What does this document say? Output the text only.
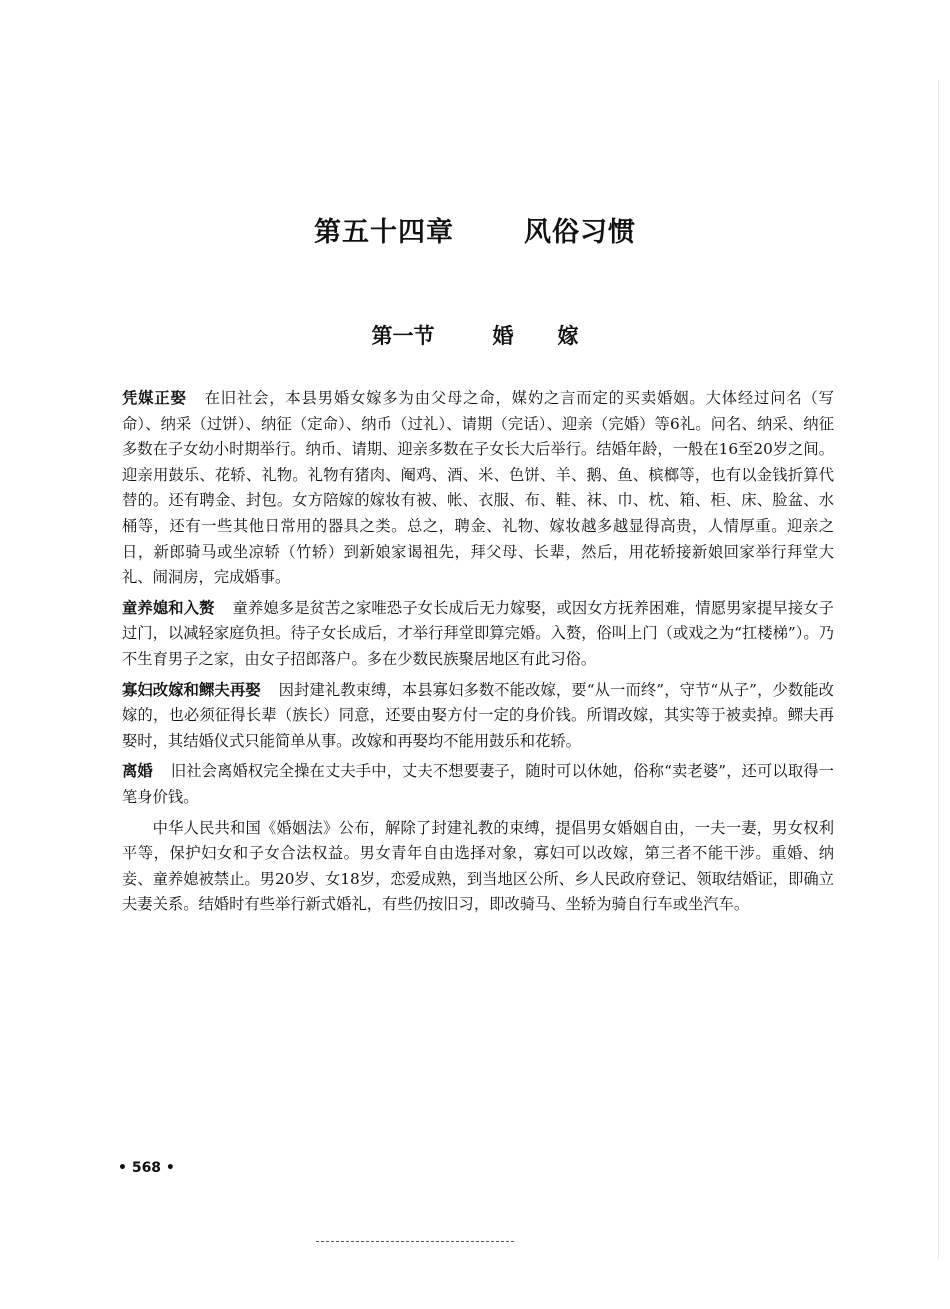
第五十四章	风俗习惯
第一节	婚 嫁

凭媒正娶 在旧社会，本县男婚女嫁多为由父母之命，媒妁之言而定的买卖婚姻。大体经过问名（写命）、纳采（过饼）、纳征（定命）、纳币（过礼）、请期（完话）、迎亲（完婚）等6礼。问名、纳采、纳征多数在子女幼小时期举行。纳币、请期、迎亲多数在子女长大后举行。结婚年龄，一般在16至20岁之间。迎亲用鼓乐、花轿、礼物。礼物有猪肉、阉鸡、酒、米、色饼、羊、鹅、鱼、槟榔等，也有以金钱折算代替的。还有聘金、封包。女方陪嫁的嫁妆有被、帐、衣服、布、鞋、袜、巾、枕、箱、柜、床、脸盆、水桶等，还有一些其他日常用的器具之类。总之，聘金、礼物、嫁妆越多越显得高贵，人情厚重。迎亲之日，新郎骑马或坐凉轿（竹轿）到新娘家谒祖先，拜父母、长辈，然后，用花轿接新娘回家举行拜堂大礼、闹洞房，完成婚事。

童养媳和入赘 童养媳多是贫苦之家唯恐子女长成后无力嫁娶，或因女方抚养困难，情愿男家提早接女子过门，以减轻家庭负担。待子女长成后，才举行拜堂即算完婚。入赘，俗叫上门（或戏之为“扛楼梯”）。乃不生育男子之家，由女子招郎落户。多在少数民族聚居地区有此习俗。

寡妇改嫁和鳏夫再娶 因封建礼教束缚，本县寡妇多数不能改嫁，要“从一而终”，守节“从子”，少数能改嫁的，也必须征得长辈（族长）同意，还要由娶方付一定的身价钱。所谓改嫁，其实等于被卖掉。鳏夫再娶时，其结婚仪式只能简单从事。改嫁和再娶均不能用鼓乐和花轿。

离婚 旧社会离婚权完全操在丈夫手中，丈夫不想要妻子，随时可以休她，俗称“卖老婆”，还可以取得一笔身价钱。

中华人民共和国《婚姻法》公布，解除了封建礼教的束缚，提倡男女婚姻自由，一夫一妻，男女权利平等，保护妇女和子女合法权益。男女青年自由选择对象，寡妇可以改嫁，第三者不能干涉。重婚、纳妾、童养媳被禁止。男20岁、女18岁，恋爱成熟，到当地区公所、乡人民政府登记、领取结婚证，即确立夫妻关系。结婚时有些举行新式婚礼，有些仍按旧习，即改骑马、坐轿为骑自行车或坐汽车。

• 568 •
